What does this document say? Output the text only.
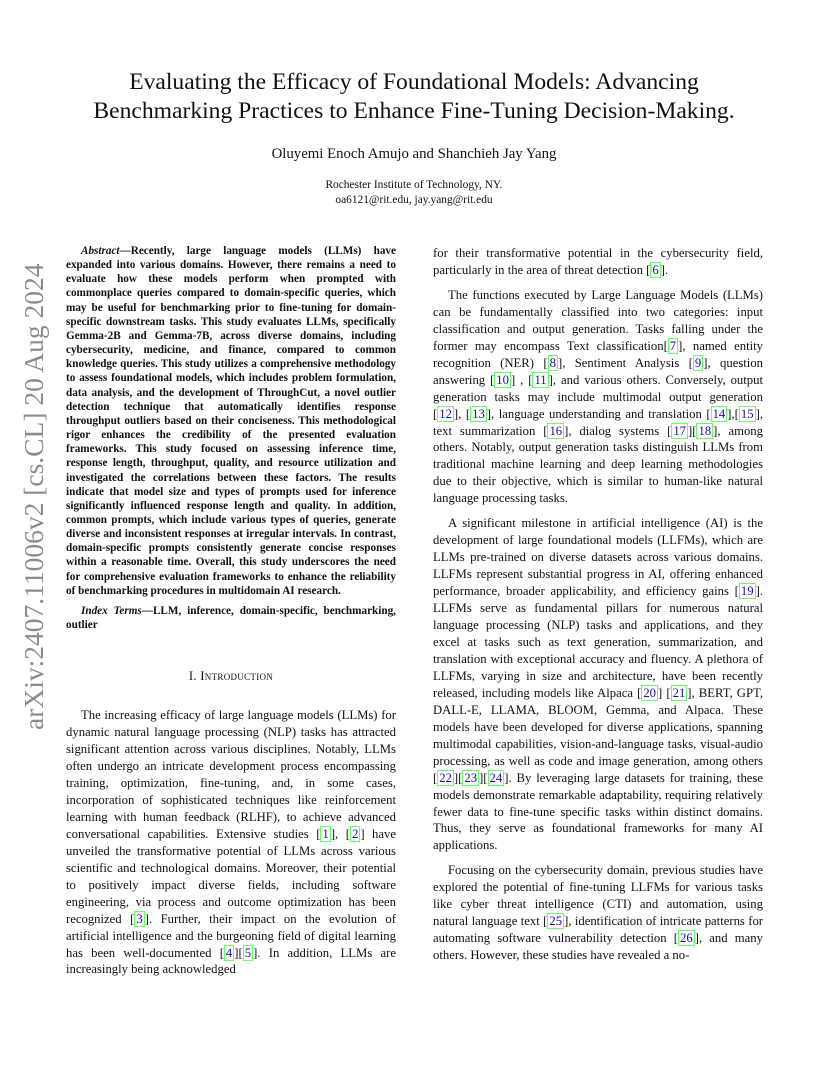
arXiv:2407.11006v2 [cs.CL] 20 Aug 2024
Evaluating the Efficacy of Foundational Models: Advancing
Benchmarking Practices to Enhance Fine-Tuning Decision-Making.
Oluyemi Enoch Amujo and Shanchieh Jay Yang
Rochester Institute of Technology, NY.
oa6121@rit.edu, jay.yang@rit.edu

Abstract—Recently, large language models (LLMs) have expanded into various domains. However, there remains a need to evaluate how these models perform when prompted with commonplace queries compared to domain-specific queries, which may be useful for benchmarking prior to fine-tuning for domain-specific downstream tasks. This study evaluates LLMs, specifically Gemma-2B and Gemma-7B, across diverse domains, including cybersecurity, medicine, and finance, compared to common knowledge queries. This study utilizes a comprehensive methodology to assess foundational models, which includes problem formulation, data analysis, and the development of ThroughCut, a novel outlier detection technique that automatically identifies response throughput outliers based on their conciseness. This methodological rigor enhances the credibility of the presented evaluation frameworks. This study focused on assessing inference time, response length, throughput, quality, and resource utilization and investigated the correlations between these factors. The results indicate that model size and types of prompts used for inference significantly influenced response length and quality. In addition, common prompts, which include various types of queries, generate diverse and inconsistent responses at irregular intervals. In contrast, domain-specific prompts consistently generate concise responses within a reasonable time. Overall, this study underscores the need for comprehensive evaluation frameworks to enhance the reliability of benchmarking procedures in multidomain AI research.

Index Terms—LLM, inference, domain-specific, benchmarking, outlier

I. Introduction

The increasing efficacy of large language models (LLMs) for dynamic natural language processing (NLP) tasks has attracted significant attention across various disciplines. Notably, LLMs often undergo an intricate development process encompassing training, optimization, fine-tuning, and, in some cases, incorporation of sophisticated techniques like reinforcement learning with human feedback (RLHF), to achieve advanced conversational capabilities. Extensive studies [ 1 ], [ 2 ] have unveiled the transformative potential of LLMs across various scientific and technological domains. Moreover, their potential to positively impact diverse fields, including software engineering, via process and outcome optimization has been recognized [ 3 ]. Further, their impact on the evolution of artificial intelligence and the burgeoning field of digital learning has been well-documented [ 4 ][ 5 ]. In addition, LLMs are increasingly being acknowledged

for their transformative potential in the cybersecurity field, particularly in the area of threat detection [ 6 ].

The functions executed by Large Language Models (LLMs) can be fundamentally classified into two categories: input classification and output generation. Tasks falling under the former may encompass Text classification[ 7 ], named entity recognition (NER) [ 8 ], Sentiment Analysis [ 9 ], question answering [ 10 ] , [ 11 ], and various others. Conversely, output generation tasks may include multimodal output generation [ 12 ], [ 13 ], language understanding and translation [ 14 ],[ 15 ], text summarization [ 16 ], dialog systems [ 17 ][ 18 ], among others. Notably, output generation tasks distinguish LLMs from traditional machine learning and deep learning methodologies due to their objective, which is similar to human-like natural language processing tasks.

A significant milestone in artificial intelligence (AI) is the development of large foundational models (LLFMs), which are LLMs pre-trained on diverse datasets across various domains. LLFMs represent substantial progress in AI, offering enhanced performance, broader applicability, and efficiency gains [ 19 ]. LLFMs serve as fundamental pillars for numerous natural language processing (NLP) tasks and applications, and they excel at tasks such as text generation, summarization, and translation with exceptional accuracy and fluency. A plethora of LLFMs, varying in size and architecture, have been recently released, including models like Alpaca [ 20 ] [ 21 ], BERT, GPT, DALL-E, LLAMA, BLOOM, Gemma, and Alpaca. These models have been developed for diverse applications, spanning multimodal capabilities, vision-and-language tasks, visual-audio processing, as well as code and image generation, among others [ 22 ][ 23 ][ 24 ]. By leveraging large datasets for training, these models demonstrate remarkable adaptability, requiring relatively fewer data to fine-tune specific tasks within distinct domains. Thus, they serve as foundational frameworks for many AI applications.

Focusing on the cybersecurity domain, previous studies have explored the potential of fine-tuning LLFMs for various tasks like cyber threat intelligence (CTI) and automation, using natural language text [ 25 ], identification of intricate patterns for automating software vulnerability detection [ 26 ], and many others. However, these studies have revealed a no-
